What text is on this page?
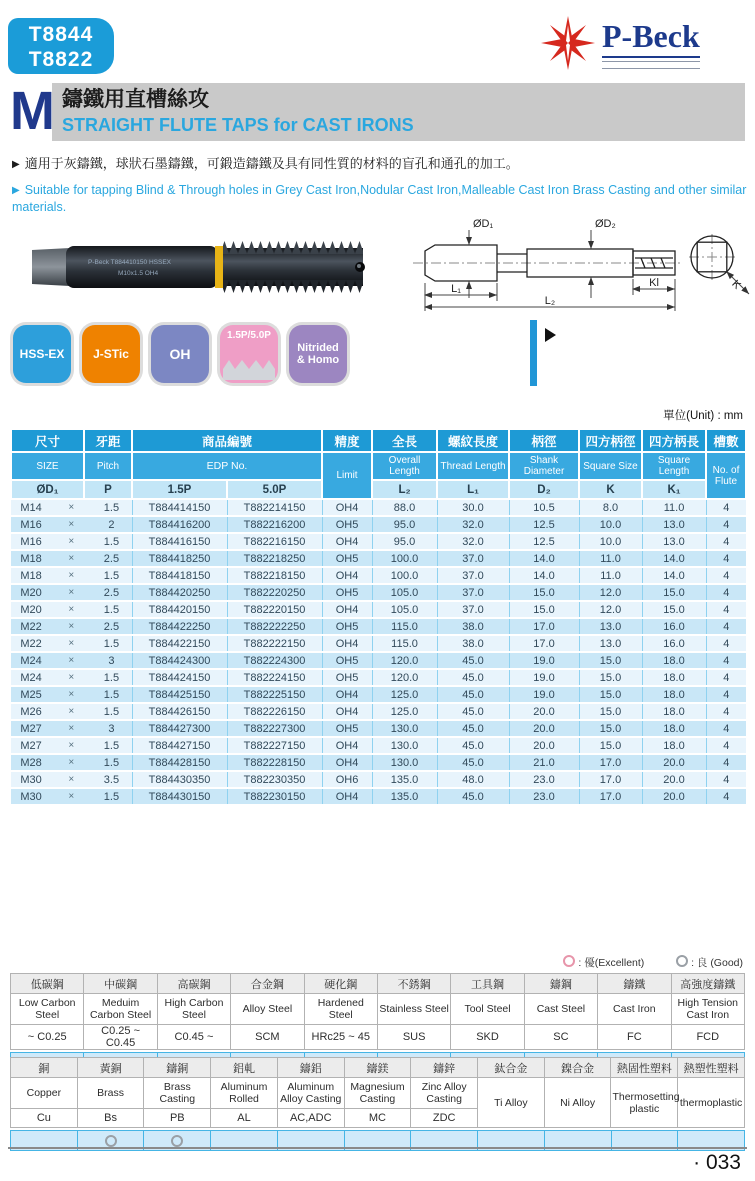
T8844
T8822
P-Beck
M 鑄鐵用直槽絲攻
STRAIGHT FLUTE TAPS for CAST IRONS
▶ 適用于灰鑄鐵，球狀石墨鑄鐵，可鍛造鑄鐵及具有同性質的材料的盲孔和通孔的加工。
▶ Suitable for tapping Blind & Through holes in Grey Cast Iron,Nodular Cast Iron,Malleable Cast Iron Brass Casting and other similar materials.
P-Beck T884410150 HSSEX
M10x1.5 OH4
ØD₁	ØD₂
L₁
L₂
Kl	K
HSS-EX J-STic	OH
1.5P/5.0P
Nitrided & Homo
單位(Unit) : mm
尺寸	牙距	商品編號		精度	全長	螺紋長度	柄徑	四方柄徑	四方柄長	槽數
SIZE	Pitch	EDP No.		Limit	Overall Length	Thread Length	Shank Diameter	Square Size	Square Length	No. of Flute
ØD₁	P	1.5P	5.0P		L₂	L₁	D₂	K	K₁	

M14 × 1.5		T884414150	T882214150	OH4	88.0	30.0	10.5	8.0	11.0	4

M16 × 2		T884416200	T882216200	OH5	95.0	32.0	12.5	10.0	13.0	4

M16 × 1.5		T884416150	T882216150	OH4	95.0	32.0	12.5	10.0	13.0	4

M18 × 2.5		T884418250	T882218250	OH5	100.0	37.0	14.0	11.0	14.0	4

M18 × 1.5		T884418150	T882218150	OH4	100.0	37.0	14.0	11.0	14.0	4

M20 × 2.5		T884420250	T882220250	OH5	105.0	37.0	15.0	12.0	15.0	4

M20 × 1.5		T884420150	T882220150	OH4	105.0	37.0	15.0	12.0	15.0	4

M22 × 2.5		T884422250	T882222250	OH5	115.0	38.0	17.0	13.0	16.0	4

M22 × 1.5		T884422150	T882222150	OH4	115.0	38.0	17.0	13.0	16.0	4

M24 × 3		T884424300	T882224300	OH5	120.0	45.0	19.0	15.0	18.0	4

M24 × 1.5		T884424150	T882224150	OH5	120.0	45.0	19.0	15.0	18.0	4

M25 × 1.5		T884425150	T882225150	OH4	125.0	45.0	19.0	15.0	18.0	4

M26 × 1.5		T884426150	T882226150	OH4	125.0	45.0	20.0	15.0	18.0	4

M27 × 3		T884427300	T882227300	OH5	130.0	45.0	20.0	15.0	18.0	4

M27 × 1.5		T884427150	T882227150	OH4	130.0	45.0	20.0	15.0	18.0	4

M28 × 1.5		T884428150	T882228150	OH4	130.0	45.0	21.0	17.0	20.0	4

M30 × 3.5		T884430350	T882230350	OH6	135.0	48.0	23.0	17.0	20.0	4

M30 × 1.5		T884430150	T882230150	OH4	135.0	45.0	23.0	17.0	20.0	4
: 優(Excellent)	: 良 (Good)
低碳鋼	中碳鋼	高碳鋼	合金鋼	硬化鋼	不銹鋼	工具鋼	鑄鋼	鑄鐵	高強度鑄鐵
Low Carbon Steel	Meduim Carbon Steel	High Carbon Steel	Alloy Steel	Hardened Steel	Stainless Steel	Tool Steel	Cast Steel	Cast Iron	High Tension Cast Iron
~ C0.25	C0.25 ~ C0.45	C0.45 ~	SCM	HRc25 ~ 45	SUS	SKD	SC	FC	FCD
銅	黃銅	鑄銅	鋁軋	鑄鋁	鑄鎂	鑄鋅	鈦合金	鎳合金	熱固性塑料	熱塑性塑料
Copper	Brass	Brass Casting	Aluminum Rolled	Aluminum Alloy Casting	Magnesium Casting	Zinc Alloy Casting	Ti Alloy	Ni Alloy	Thermosetting plastic	thermoplastic
Cu	Bs	PB	AL	AC,ADC	MC	ZDC				
· 033
